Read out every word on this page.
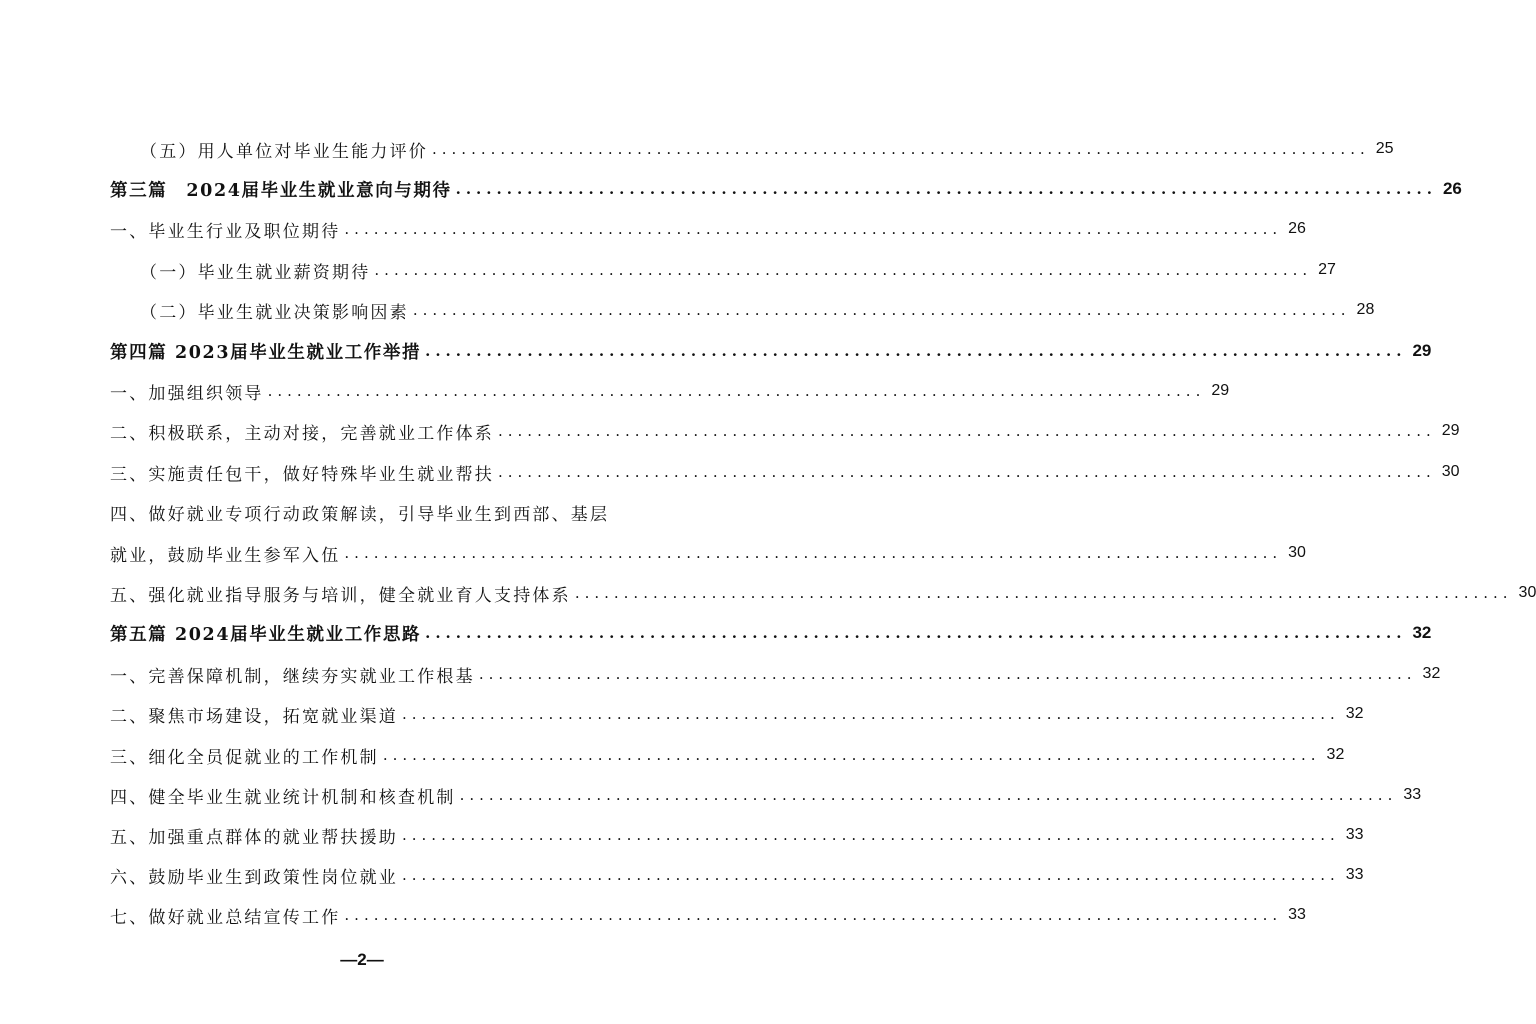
（五）用人单位对毕业生能力评价 ................................................................................................ 25
第三篇　2024届毕业生就业意向与期待 ................................................................................................ 26
一、毕业生行业及职位期待 ................................................................................................ 26
（一）毕业生就业薪资期待 ................................................................................................ 27
（二）毕业生就业决策影响因素 ................................................................................................ 28
第四篇 2023届毕业生就业工作举措 ................................................................................................ 29
一、加强组织领导 ................................................................................................ 29
二、积极联系，主动对接，完善就业工作体系 ................................................................................................ 29
三、实施责任包干，做好特殊毕业生就业帮扶 ................................................................................................ 30
四、做好就业专项行动政策解读，引导毕业生到西部、基层
就业，鼓励毕业生参军入伍 ................................................................................................ 30
五、强化就业指导服务与培训，健全就业育人支持体系 ................................................................................................ 30
第五篇 2024届毕业生就业工作思路 ................................................................................................ 32
一、完善保障机制，继续夯实就业工作根基 ................................................................................................ 32
二、聚焦市场建设，拓宽就业渠道 ................................................................................................ 32
三、细化全员促就业的工作机制 ................................................................................................ 32
四、健全毕业生就业统计机制和核查机制 ................................................................................................ 33
五、加强重点群体的就业帮扶援助 ................................................................................................ 33
六、鼓励毕业生到政策性岗位就业 ................................................................................................ 33
七、做好就业总结宣传工作 ................................................................................................ 33
—2—
